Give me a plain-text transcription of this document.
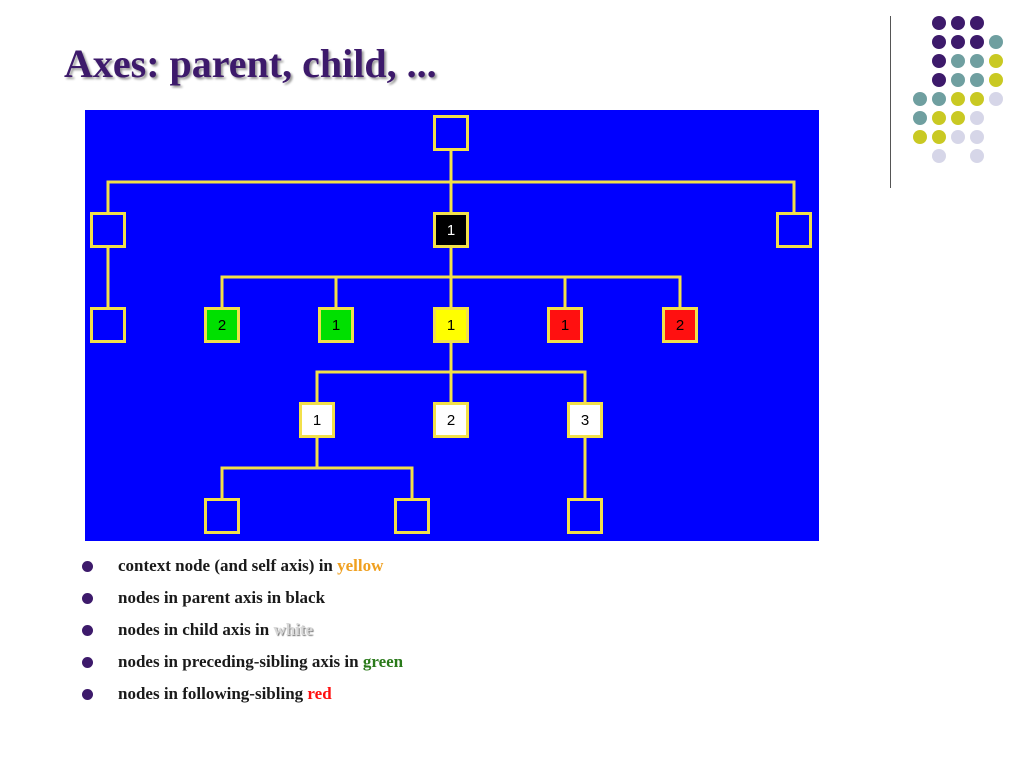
Axes: parent, child, ...
1
2	1	1	1	2
1	2	3
context node (and self axis) in yellow
nodes in parent axis in black
nodes in child axis in white
nodes in preceding-sibling axis in green
nodes in following-sibling red
